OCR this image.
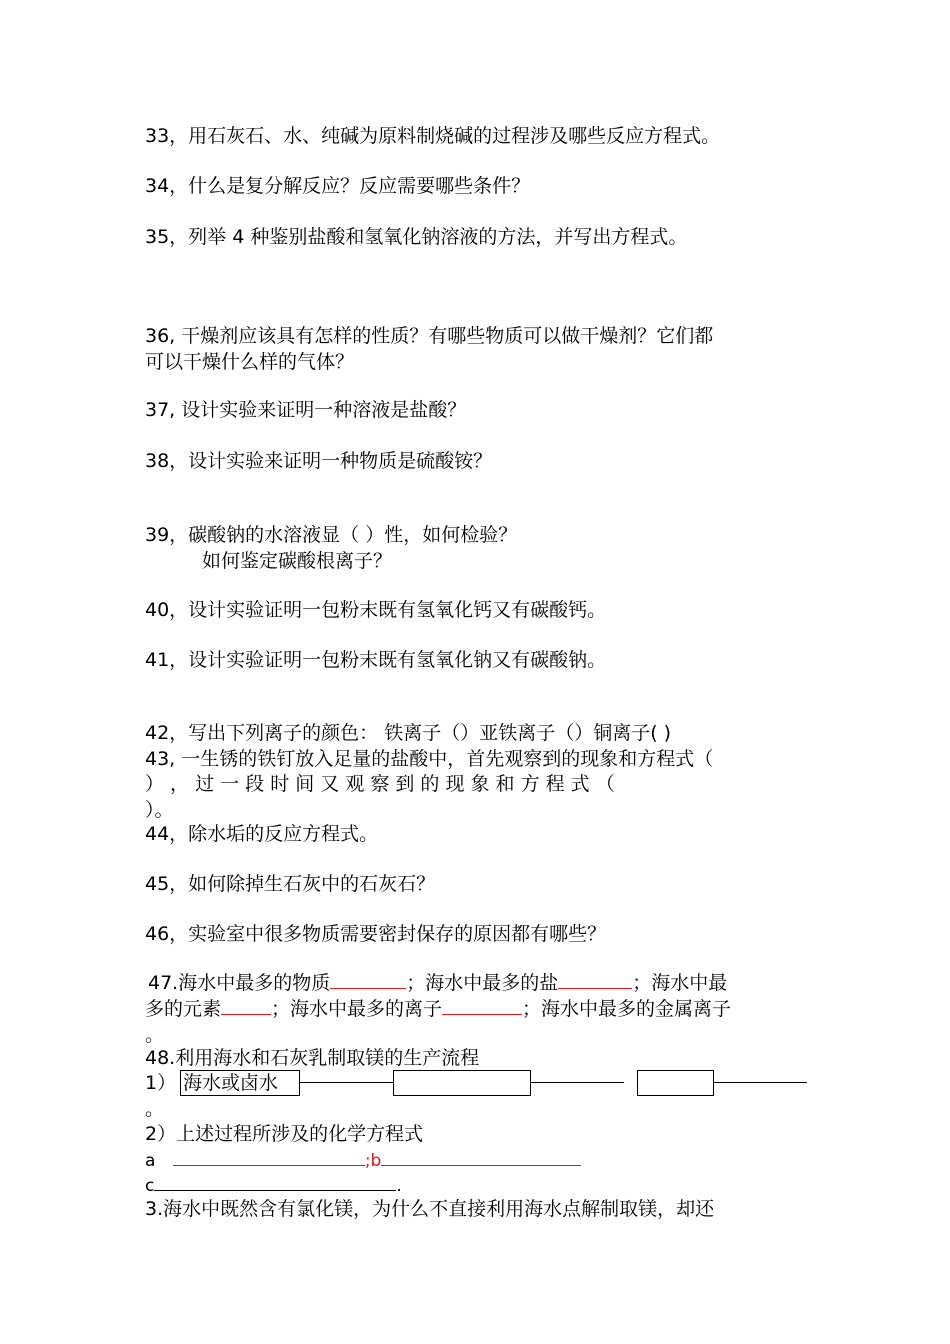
33，用石灰石、水、纯碱为原料制烧碱的过程涉及哪些反应方程式。
34，什么是复分解反应？反应需要哪些条件？
35，列举 4 种鉴别盐酸和氢氧化钠溶液的方法，并写出方程式。
36, 干燥剂应该具有怎样的性质？有哪些物质可以做干燥剂？它们都
可以干燥什么样的气体？
37, 设计实验来证明一种溶液是盐酸？
38，设计实验来证明一种物质是硫酸铵？
39，碳酸钠的水溶液显（ ）性，如何检验？
如何鉴定碳酸根离子？
40，设计实验证明一包粉末既有氢氧化钙又有碳酸钙。
41，设计实验证明一包粉末既有氢氧化钠又有碳酸钠。
42，写出下列离子的颜色： 铁离子（）亚铁离子（）铜离子( )
43, 一生锈的铁钉放入足量的盐酸中，首先观察到的现象和方程式（
） ， 过 一 段 时 间 又 观 察 到 的 现 象 和 方 程 式 （
）。
44，除水垢的反应方程式。
45，如何除掉生石灰中的石灰石？
46，实验室中很多物质需要密封保存的原因都有哪些？
47.海水中最多的物质	；海水中最多的盐	；海水中最
多的元素	；海水中最多的离子	；海水中最多的金属离子
。
48.利用海水和石灰乳制取镁的生产流程
1） 海水或卤水
。
2）上述过程所涉及的化学方程式
a	;b
c	.
3.海水中既然含有氯化镁，为什么不直接利用海水点解制取镁，却还
